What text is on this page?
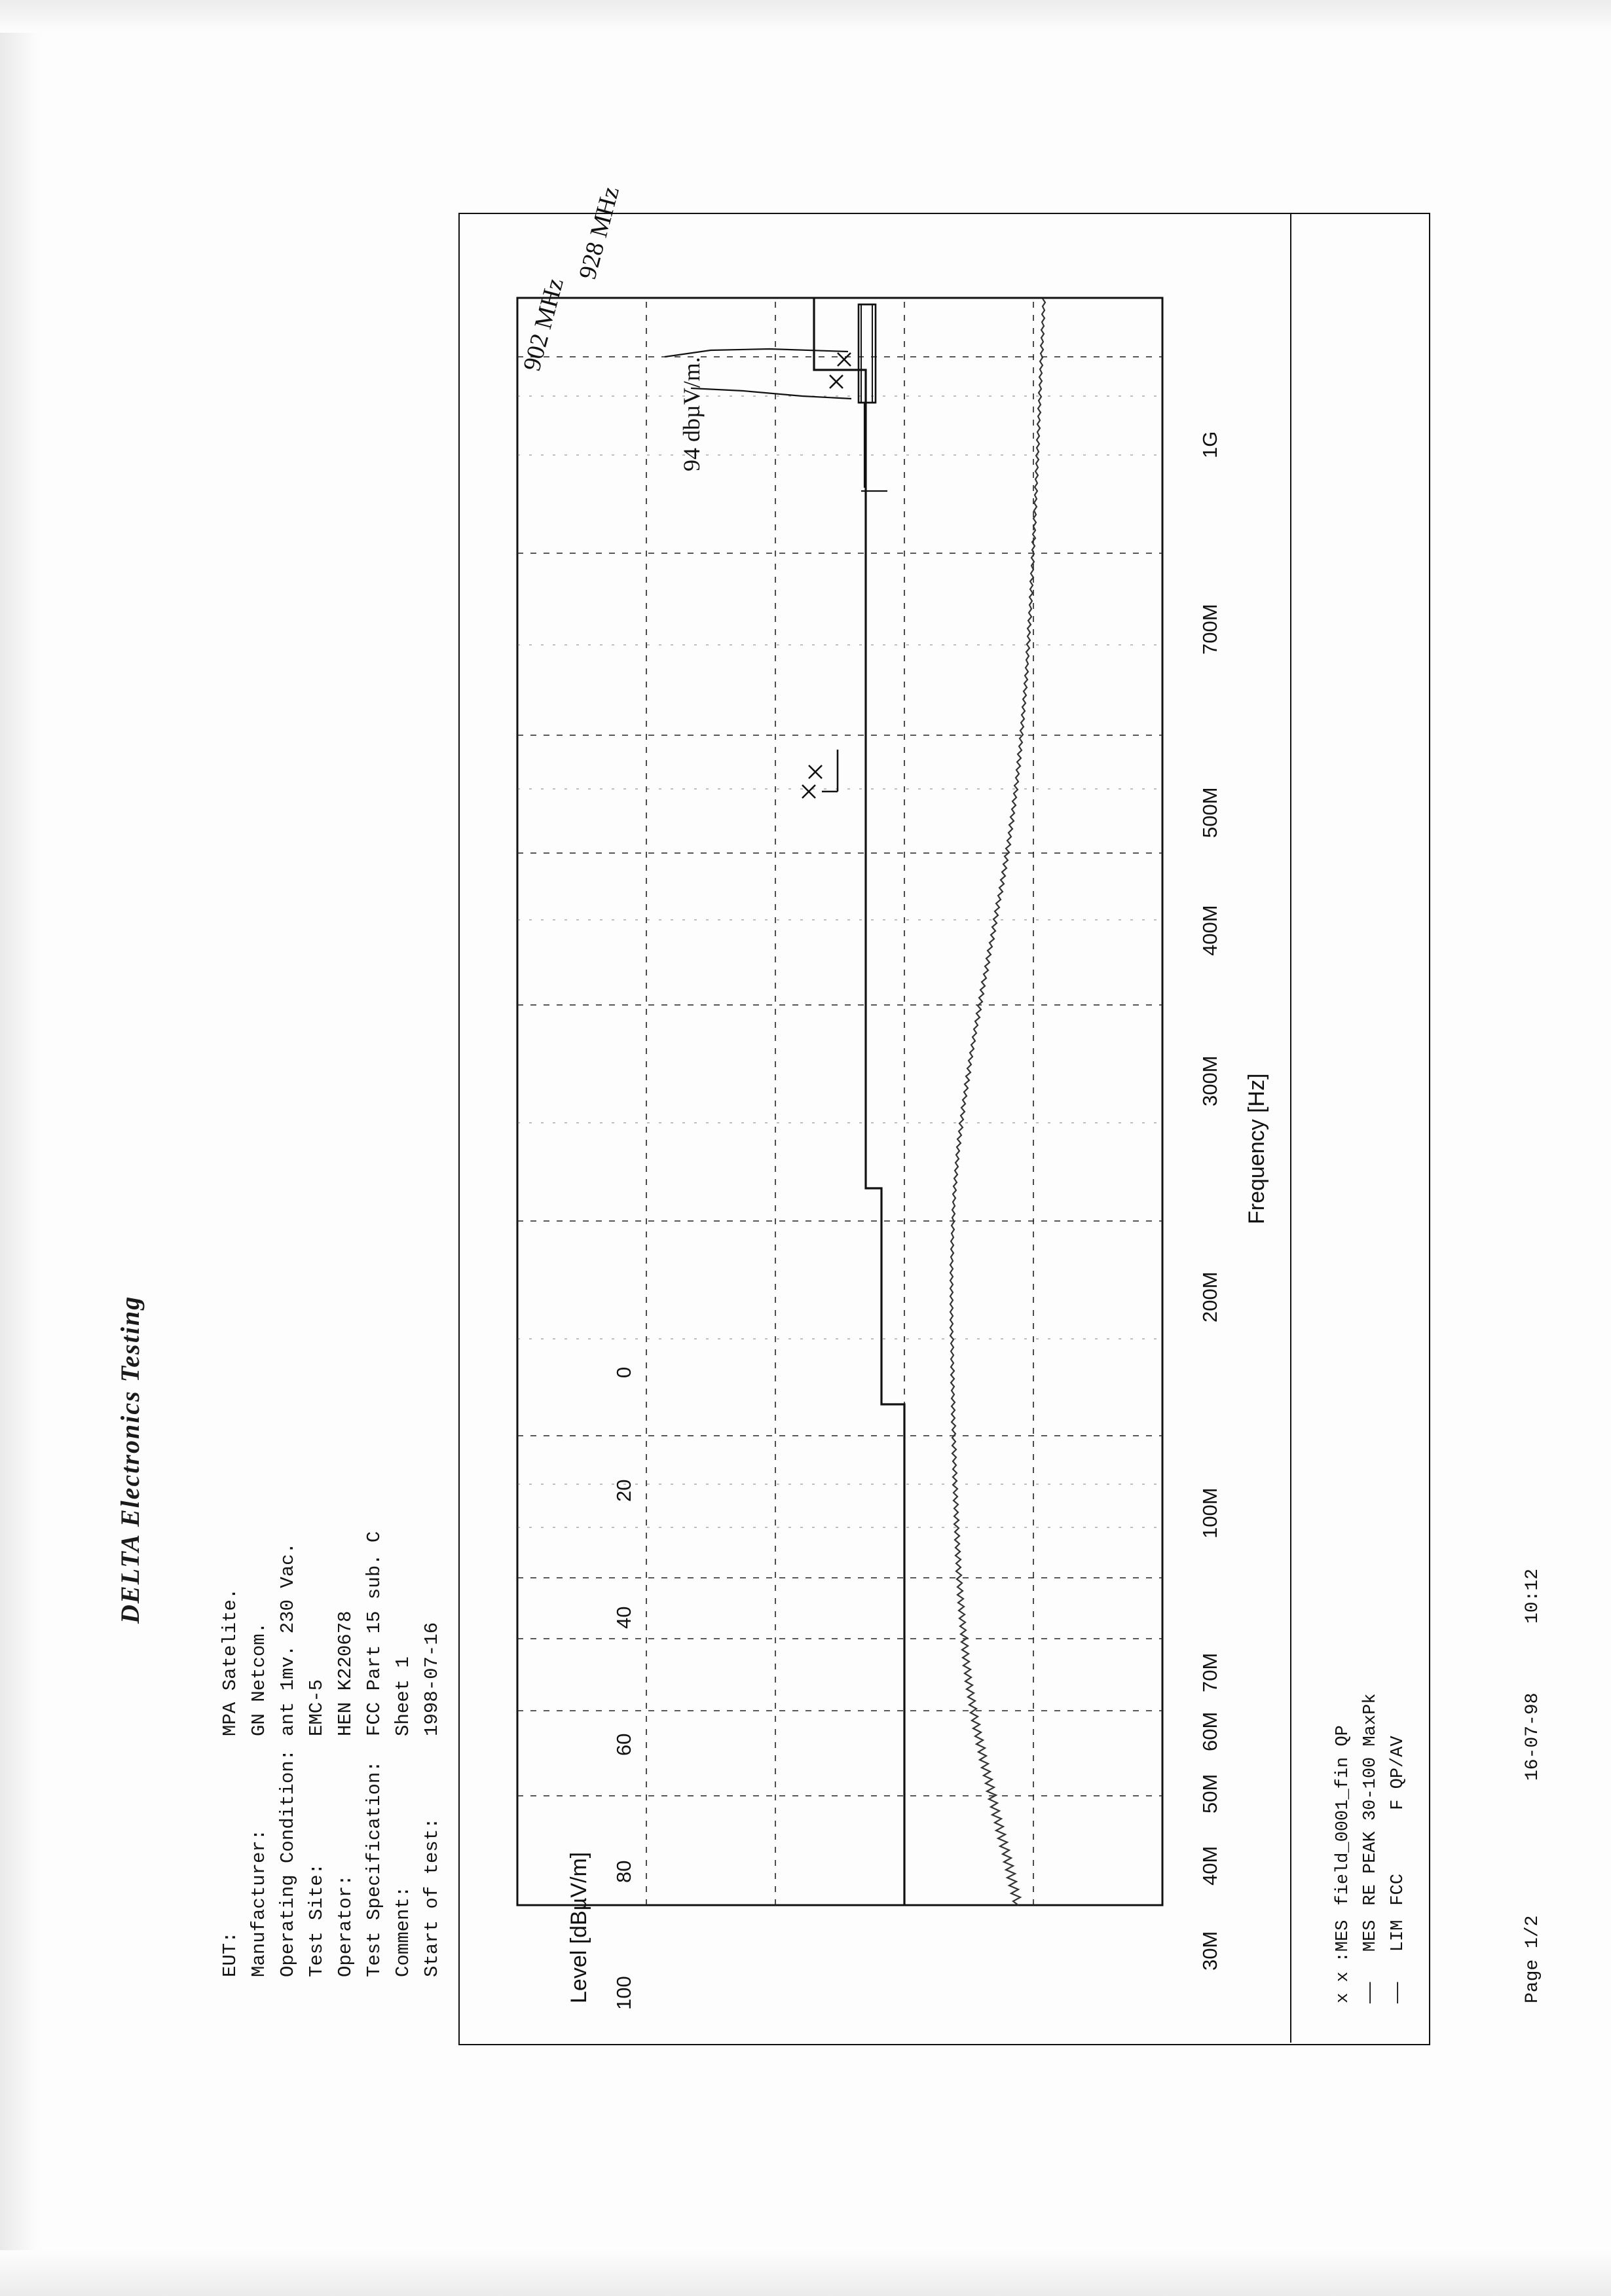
DELTA Electronics Testing
EUT:	MPA Satelite.
Manufacturer:	GN Netcom.
Operating Condition:	ant 1mv. 230 Vac.
Test Site:	EMC-5
Operator:	HEN K220678
Test Specification:	FCC Part 15 sub. C
Comment:	Sheet 1
Start of test:	1998-07-16
Level [dBµV/m] 100
80
60
40
20
0
Frequency [Hz]
30M
40M
50M
60M
70M
100M
200M
300M
400M
500M
700M
1G
902 MHz
928 MHz
94 dbµV/m.
x x	:MES	field_0001_fin QP
——	MES	RE PEAK 30-100 MaxPk
——	LIM	FCC      F QP/AV
Page 1/2
16-07-98
10:12
